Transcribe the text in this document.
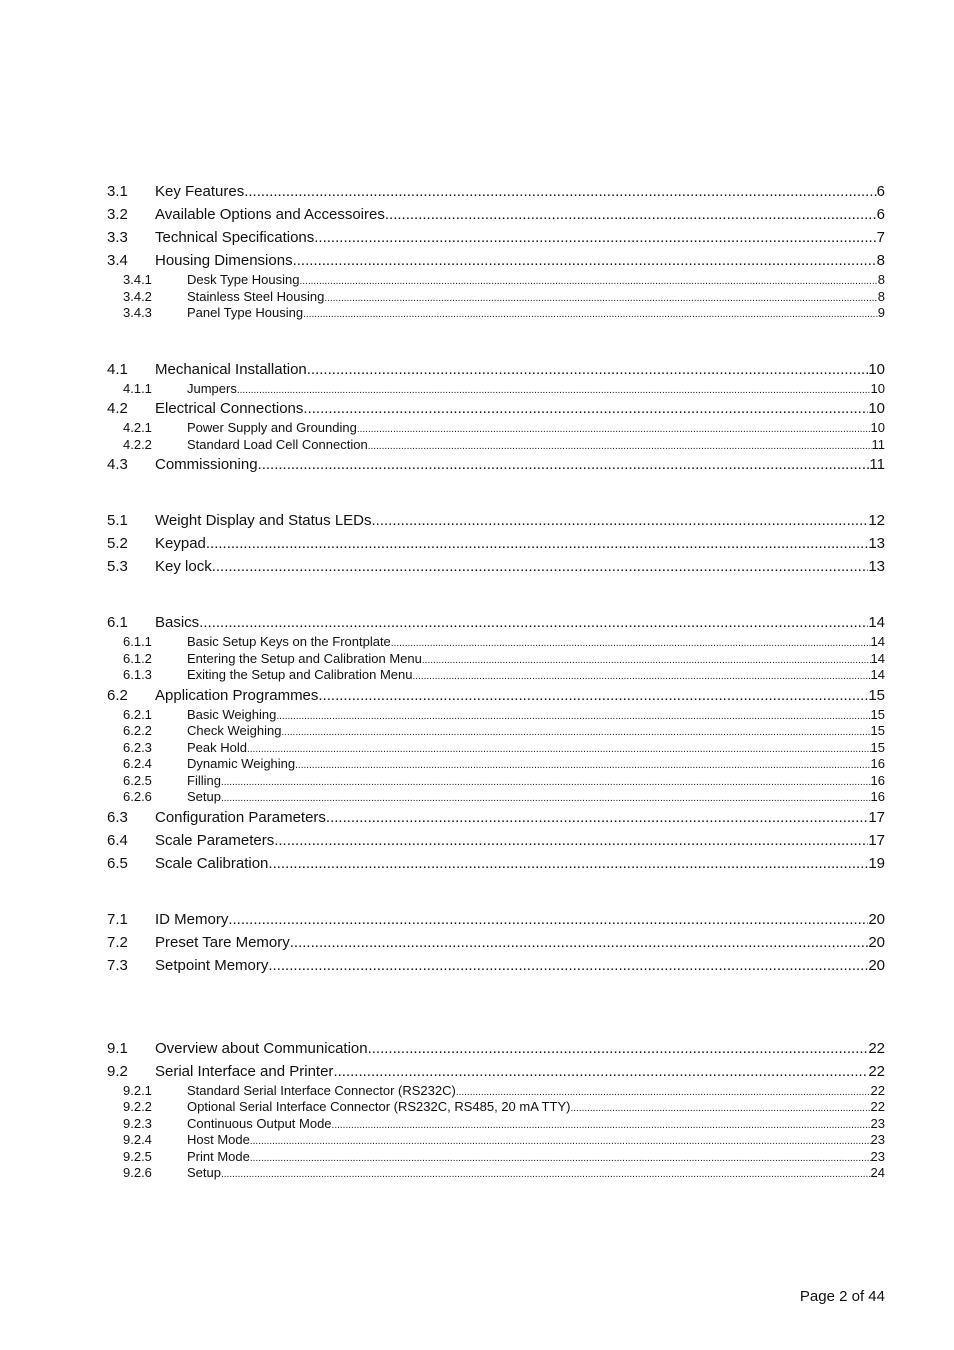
3.1	Key Features .....	6
3.2	Available Options and Accessoires .....	6
3.3	Technical Specifications .....	7
3.4	Housing Dimensions .....	8
3.4.1	Desk Type Housing .....	8
3.4.2	Stainless Steel Housing .....	8
3.4.3	Panel Type Housing .....	9
4.1	Mechanical Installation .....	10
4.1.1	Jumpers .....	10
4.2	Electrical Connections .....	10
4.2.1	Power Supply and Grounding .....	10
4.2.2	Standard Load Cell Connection .....	11
4.3	Commissioning .....	11
5.1	Weight Display and Status LEDs .....	12
5.2	Keypad .....	13
5.3	Key lock .....	13
6.1	Basics .....	14
6.1.1	Basic Setup Keys on the Frontplate .....	14
6.1.2	Entering the Setup and Calibration Menu .....	14
6.1.3	Exiting the Setup and Calibration Menu .....	14
6.2	Application Programmes .....	15
6.2.1	Basic Weighing .....	15
6.2.2	Check Weighing .....	15
6.2.3	Peak Hold .....	15
6.2.4	Dynamic Weighing .....	16
6.2.5	Filling .....	16
6.2.6	Setup .....	16
6.3	Configuration Parameters .....	17
6.4	Scale Parameters .....	17
6.5	Scale Calibration .....	19
7.1	ID Memory .....	20
7.2	Preset Tare Memory .....	20
7.3	Setpoint Memory .....	20
9.1	Overview about Communication .....	22
9.2	Serial Interface and Printer .....	22
9.2.1	Standard Serial Interface Connector (RS232C) .....	22
9.2.2	Optional Serial Interface Connector (RS232C, RS485, 20 mA TTY) .....	22
9.2.3	Continuous Output Mode .....	23
9.2.4	Host Mode .....	23
9.2.5	Print Mode .....	23
9.2.6	Setup .....	24
Page 2 of 44
